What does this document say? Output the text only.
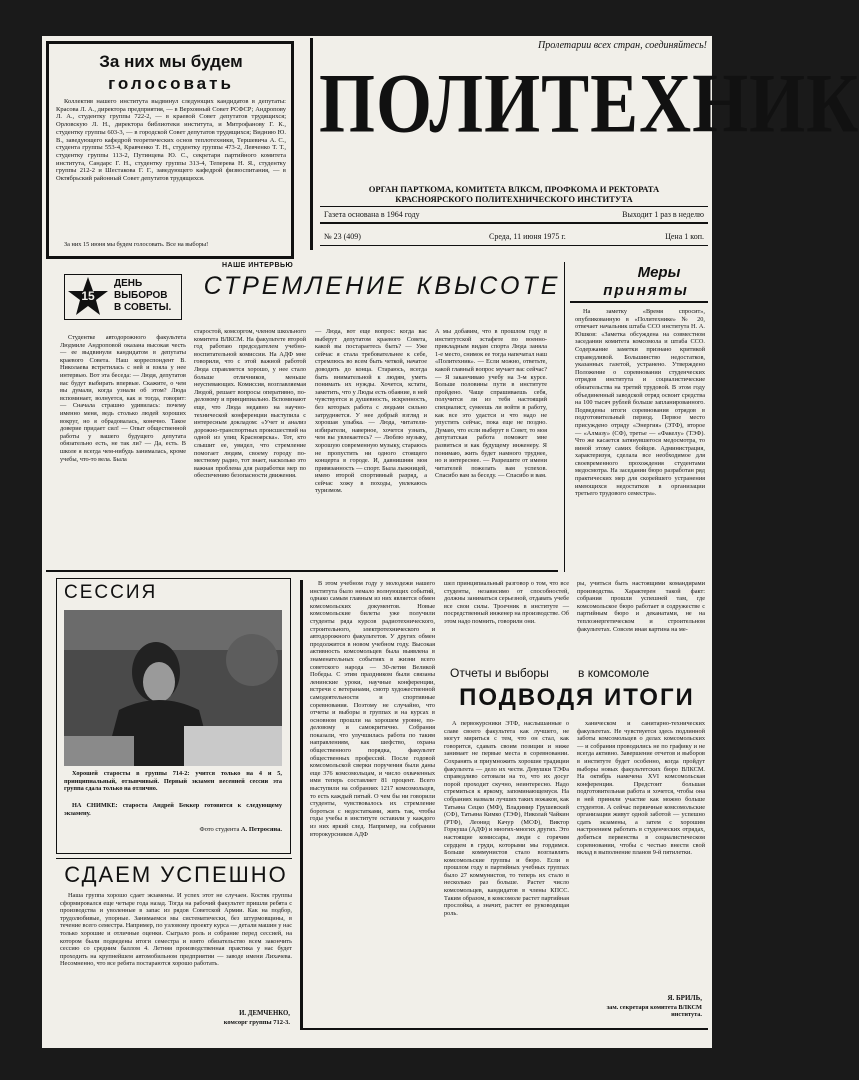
За них мы будем
голосовать
Коллектив нашего института выдвинул следующих кандидатов в депутаты: Красова Л. А., директора предприятия, — в Верховный Совет РСФСР; Андропову Л. А., студентку группы 722-2, — в краевой Совет депутатов трудящихся; Орловскую Л. Н., директора библиотеки института, и Митрофанову Г. К., студентку группы 603-3, — в городской Совет депутатов трудящихся; Виднию Ю. В., заведующего кафедрой теоретических основ теплотехники, Тершевича А. С., студента группы 553-4, Кравченко Т. Н., студентку группы 473-2, Левченко Т. Т., студентку группы 113-2, Путинцева Ю. С., секретаря партийного комитета института, Сандарс Г. Н., студентку группы 313-4, Теперева Н. Я., студентку группы 212-2 и Шестакова Г. Г., заведующего кафедрой физвоспитания, — в Октябрьский районный Совет депутатов трудящихся.
За них 15 июня мы будем голосовать. Все на выборы!
Пролетарии всех стран, соединяйтесь!
ПОЛИТЕХНИК
ОРГАН ПАРТКОМА, КОМИТЕТА ВЛКСМ, ПРОФКОМА И РЕКТОРАТА
КРАСНОЯРСКОГО ПОЛИТЕХНИЧЕСКОГО ИНСТИТУТА
Газета основана в 1964 году	Выходит 1 раз в неделю
№ 23 (409)	Среда, 11 июня 1975 г.	Цена 1 коп.
НАШЕ ИНТЕРВЬЮ
СТРЕМЛЕНИЕ КВЫСОТЕ
15
ДЕНЬ
ВЫБОРОВ
В СОВЕТЫ.
Студентке автодорожного факультета Людмиле Андроповой оказана высокая честь — ее выдвинули кандидатом в депутаты краевого Совета. Наш корреспондент В. Николаева встретилась с ней и взяла у нее интервью. Вот эта беседа: — Людя, депутатов вас будут выбирать впервые. Скажите, о чем вы думали, когда узнали об этом? Люда вспоминает, волнуется, как и тогда, говорит: — Сначала страшно удивилась: почему именно меня, ведь столько людей хороших вокруг, но я обрадовалась, конечно. Такое доверие придает сил! — Опыт общественной работы у вашего будущего депутата обязательно есть, не так ли? — Да, есть. В школе я всегда чем-нибудь занималась, кроме учебы, что-то вела. Была
старостой, комсоргом, членом школьного комитета ВЛКСМ. На факультете второй год работаю председателем учебно-воспитательной комиссии. На АДФ мне говорили, что с этой важной работой Люда справляется хорошо, у нее стало больше отличников, меньше неуспевающих. Комиссия, возглавляемая Людой, решает вопросы оперативно, по-деловому и принципиально. Вспоминают еще, что Люда недавно на научно-технической конференции выступила с интересным докладом: «Учет и анализ дорожно-транспортных происшествий на одной из улиц Красноярска». Тот, кто слышит ее, увидел, что стремление помогает людям, своему городу по-местному радио, тот знает, насколько это важная проблема для разработки мер по обеспечению безопасности движения.
— Люда, вот еще вопрос: когда вас выберут депутатом краевого Совета, какой вы постараетесь быть? — Уже сейчас я стала требовательнее к себе, стремлюсь во всем быть четкой, начатое доводить до конца. Стараюсь, всегда быть внимательной к людям, уметь понимать их нужды. Хочется, кстати, заметить, что у Люды есть обаяние, в ней чувствуется и душевность, искренность, без которых работа с людьми сильно затрудняется. У нее добрый взгляд и хорошая улыбка. — Люда, читатели-избиратели, наверное, хочется узнать, чем вы увлекаетесь? — Люблю музыку, хорошую современную музыку, стараюсь не пропустить ни одного стоящего концерта в городе. И, давнишняя моя привязанность — спорт. Была лыжницей, имею второй спортивный разряд, а сейчас хожу в походы, увлекаюсь туризмом.
А мы добавим, что в прошлом году в институтской эстафете по военно-прикладным видам спорта Люда заняла 1-е место, снимок ее тогда напечатал наш «Политехник». — Если можно, ответьте, какой главный вопрос мучает вас сейчас? — Я заканчиваю учебу на 3-м курсе. Больше половины пути в институте пройдено. Чаще спрашиваешь себя, получится ли из тебя настоящий специалист, сумеешь ли войти в работу, как все это удастся и что надо не упустить сейчас, пока еще не поздно. Думаю, что если выберут в Совет, то моя депутатская работа поможет мне развиться и как будущему инженеру. Я понимаю, жить будет намного труднее, но и интереснее. — Разрешите от имени читателей пожелать вам успехов. Спасибо вам за беседу. — Спасибо и вам.
Меры
приняты
На заметку «Время спросит», опубликованную в «Политехнике» № 20, отвечает начальник штаба ССО института Н. А. Юшков: «Заметка обсуждена на совместном заседании комитета комсомола и штаба ССО. Содержание заметки признано критикой справедливой. Большинство недостатков, указанных газетой, устранено. Утверждено Положение о соревновании студенческих отрядов института и социалистические обязательства на третий трудовой. В этом году объединенный заводской отряд освоит средства на 100 тысяч рублей больше запланированного. Подведены итоги соревнования отрядов в подготовительный период. Первое место присуждено отряду «Энергия» (ЭТФ), второе — «Алмазу» (СФ), третье — «Факелу» (ТЭФ). Что же касается затянувшегося медосмотра, то виной этому самих бойцов. Администрация, характеризуя, сделала все необходимое для своевременного прохождения студентами медосмотра. На заседании бюро разработан ряд практических мер для скорейшего устранения имеющихся недостатков в организации третьего трудового семестра».
СЕССИЯ
Хорошей старосты в группы 714-2: учится только на 4 и 5, принципиальный, отзывчивый. Первый экзамен весенней сессии эта группа сдала только на отлично.
НА СНИМКЕ: староста Андрей Беккер готовится к следующему экзамену.
Фото студента А. Петросяна.
СДАЕМ УСПЕШНО
Наша группа хорошо сдает экзамены. И успех этот не случаен. Костяк группы сформировался еще четыре года назад. Тогда на рабочий факультет пришли ребята с производства и уволенные в запас из рядов Советской Армии. Как на подбор, трудолюбивые, упорные. Занимаемся мы систематически, без штурмовщины, в течение всего семестра. Например, по узловому проекту курса — детали машин у нас только хорошие и отличные оценки. Сыграло роль и собрание перед сессией, на котором были подведены итоги семестра и взято обязательство всем закончить сессию со средним баллом 4. Летняя производственная практика у нас будет проходить на крупнейшем автомобильном предприятии — заводе имени Лихачева. Несомненно, что все ребята постараются хорошо работать.
И. ДЕМЧЕНКО,
комсорг группы 712-3.
В этом учебном году у молодежи нашего института было немало волнующих событий, однако самым главным из них является обмен комсомольских документов. Новые комсомольские билеты уже получили студенты ряда курсов радиотехнического, строительного, электротехнического и автодорожного факультетов. У других обмен продолжится в новом учебном году. Высокая активность комсомольцев была выявлена в знаменательных событиях в жизни всего советского народа — 30-летия Великой Победы. С этим праздником были связаны ленинские уроки, научные конференции, встречи с ветеранами, смотр художественной самодеятельности и спортивные соревнования. Поэтому не случайно, что отчеты и выборы в группах и на курсах в основном прошли на хорошем уровне, по-деловому и самокритично. Собрания показали, что улучшилась работа по таким направлениям, как шефство, охрана общественного порядка, факультет общественных профессий. После годовой комсомольской сверки поручения были даны еще 376 комсомольцам, и число охваченных ими теперь составляет 81 процент. Всего выступили на собраниях 1217 комсомольцев, то есть каждый пятый. О чем бы ни говорили студенты, чувствовалось их стремление бороться с недостатками, жить так, чтобы годы учебы в институте оставили у каждого из них яркий след. Например, на собрании второкурсников АДФ
шел принципиальный разговор о том, что все студенты, независимо от способностей, должны заниматься серьезной, отдавать учебе все свои силы. Троечник в институте — посредственный инженер на производстве. Об этом надо помнить, говорили они.
ры, учиться быть настоящими командирами производства. Характерен такой факт: собрания прошли успешней там, где комсомольское бюро работает в содружестве с партийным бюро и деканатами, не на теплоэнергетическом и строительном факультетах. Совсем иная картина на ме-
Отчеты и выборы в комсомоле
ПОДВОДЯ ИТОГИ
А первокурсники ЭТФ, наслышанные о славе своего факультета как лучшего, не могут мириться с тем, что он стал, как говорится, сдавать своим позиции и ниже занимает не первые места в соревновании. Сохранять и приумножить хорошие традиции факультета — дело их чести. Девушки ТЭФа справедливо сетовали на то, что их досуг порой проходит скучно, неинтересно. Надо стремиться к яркому, запоминающемуся. На собраниях назвали лучших таких вожаков, как Татьяна Сецко (МФ), Владимир Грушевский (СФ), Татьяна Кимко (ТЭФ), Николай Чайкин (РТФ), Леонид Качур (МСФ), Виктор Горкуша (АДФ) и многих-многих других. Это настоящие комиссары, люди с горячим сердцем в груди, которыми мы гордимся. Больше коммунистов стало возглавлять комсомольские группы и бюро. Если в прошлом году в партийных учебных группах было 27 коммунистов, то теперь их стало в несколько раз больше. Растет число комсомольцев, кандидатов в члены КПСС. Таким образом, в комсомоле растет партийная прослойка, а значит, растет ее руководящая роль.
ханическом и санитарно-технических факультетах. Не чувствуется здесь подлинной заботы комсомольцев о делах комсомольских — и собрания проводились не по графику и не всегда активно. Завершение отчетов и выборов в институте будет особенно, когда пройдут выборы новых факультетских бюро ВЛКСМ. На октябрь намечена XVI комсомольская конференция. Предстоит большая подготовительная работа и хочется, чтобы она в ней приняли участие как можно больше студентов. А сейчас первичные комсомольские организации живут одной заботой — успешно сдать экзамены, а затем с хорошим настроением работать в студенческих отрядах, добиться первенства в социалистическом соревновании, чтобы с честью внести свой вклад в выполнение планов 9-й пятилетки.
Я. БРИЛЬ,
зам. секретаря комитета ВЛКСМ института.
